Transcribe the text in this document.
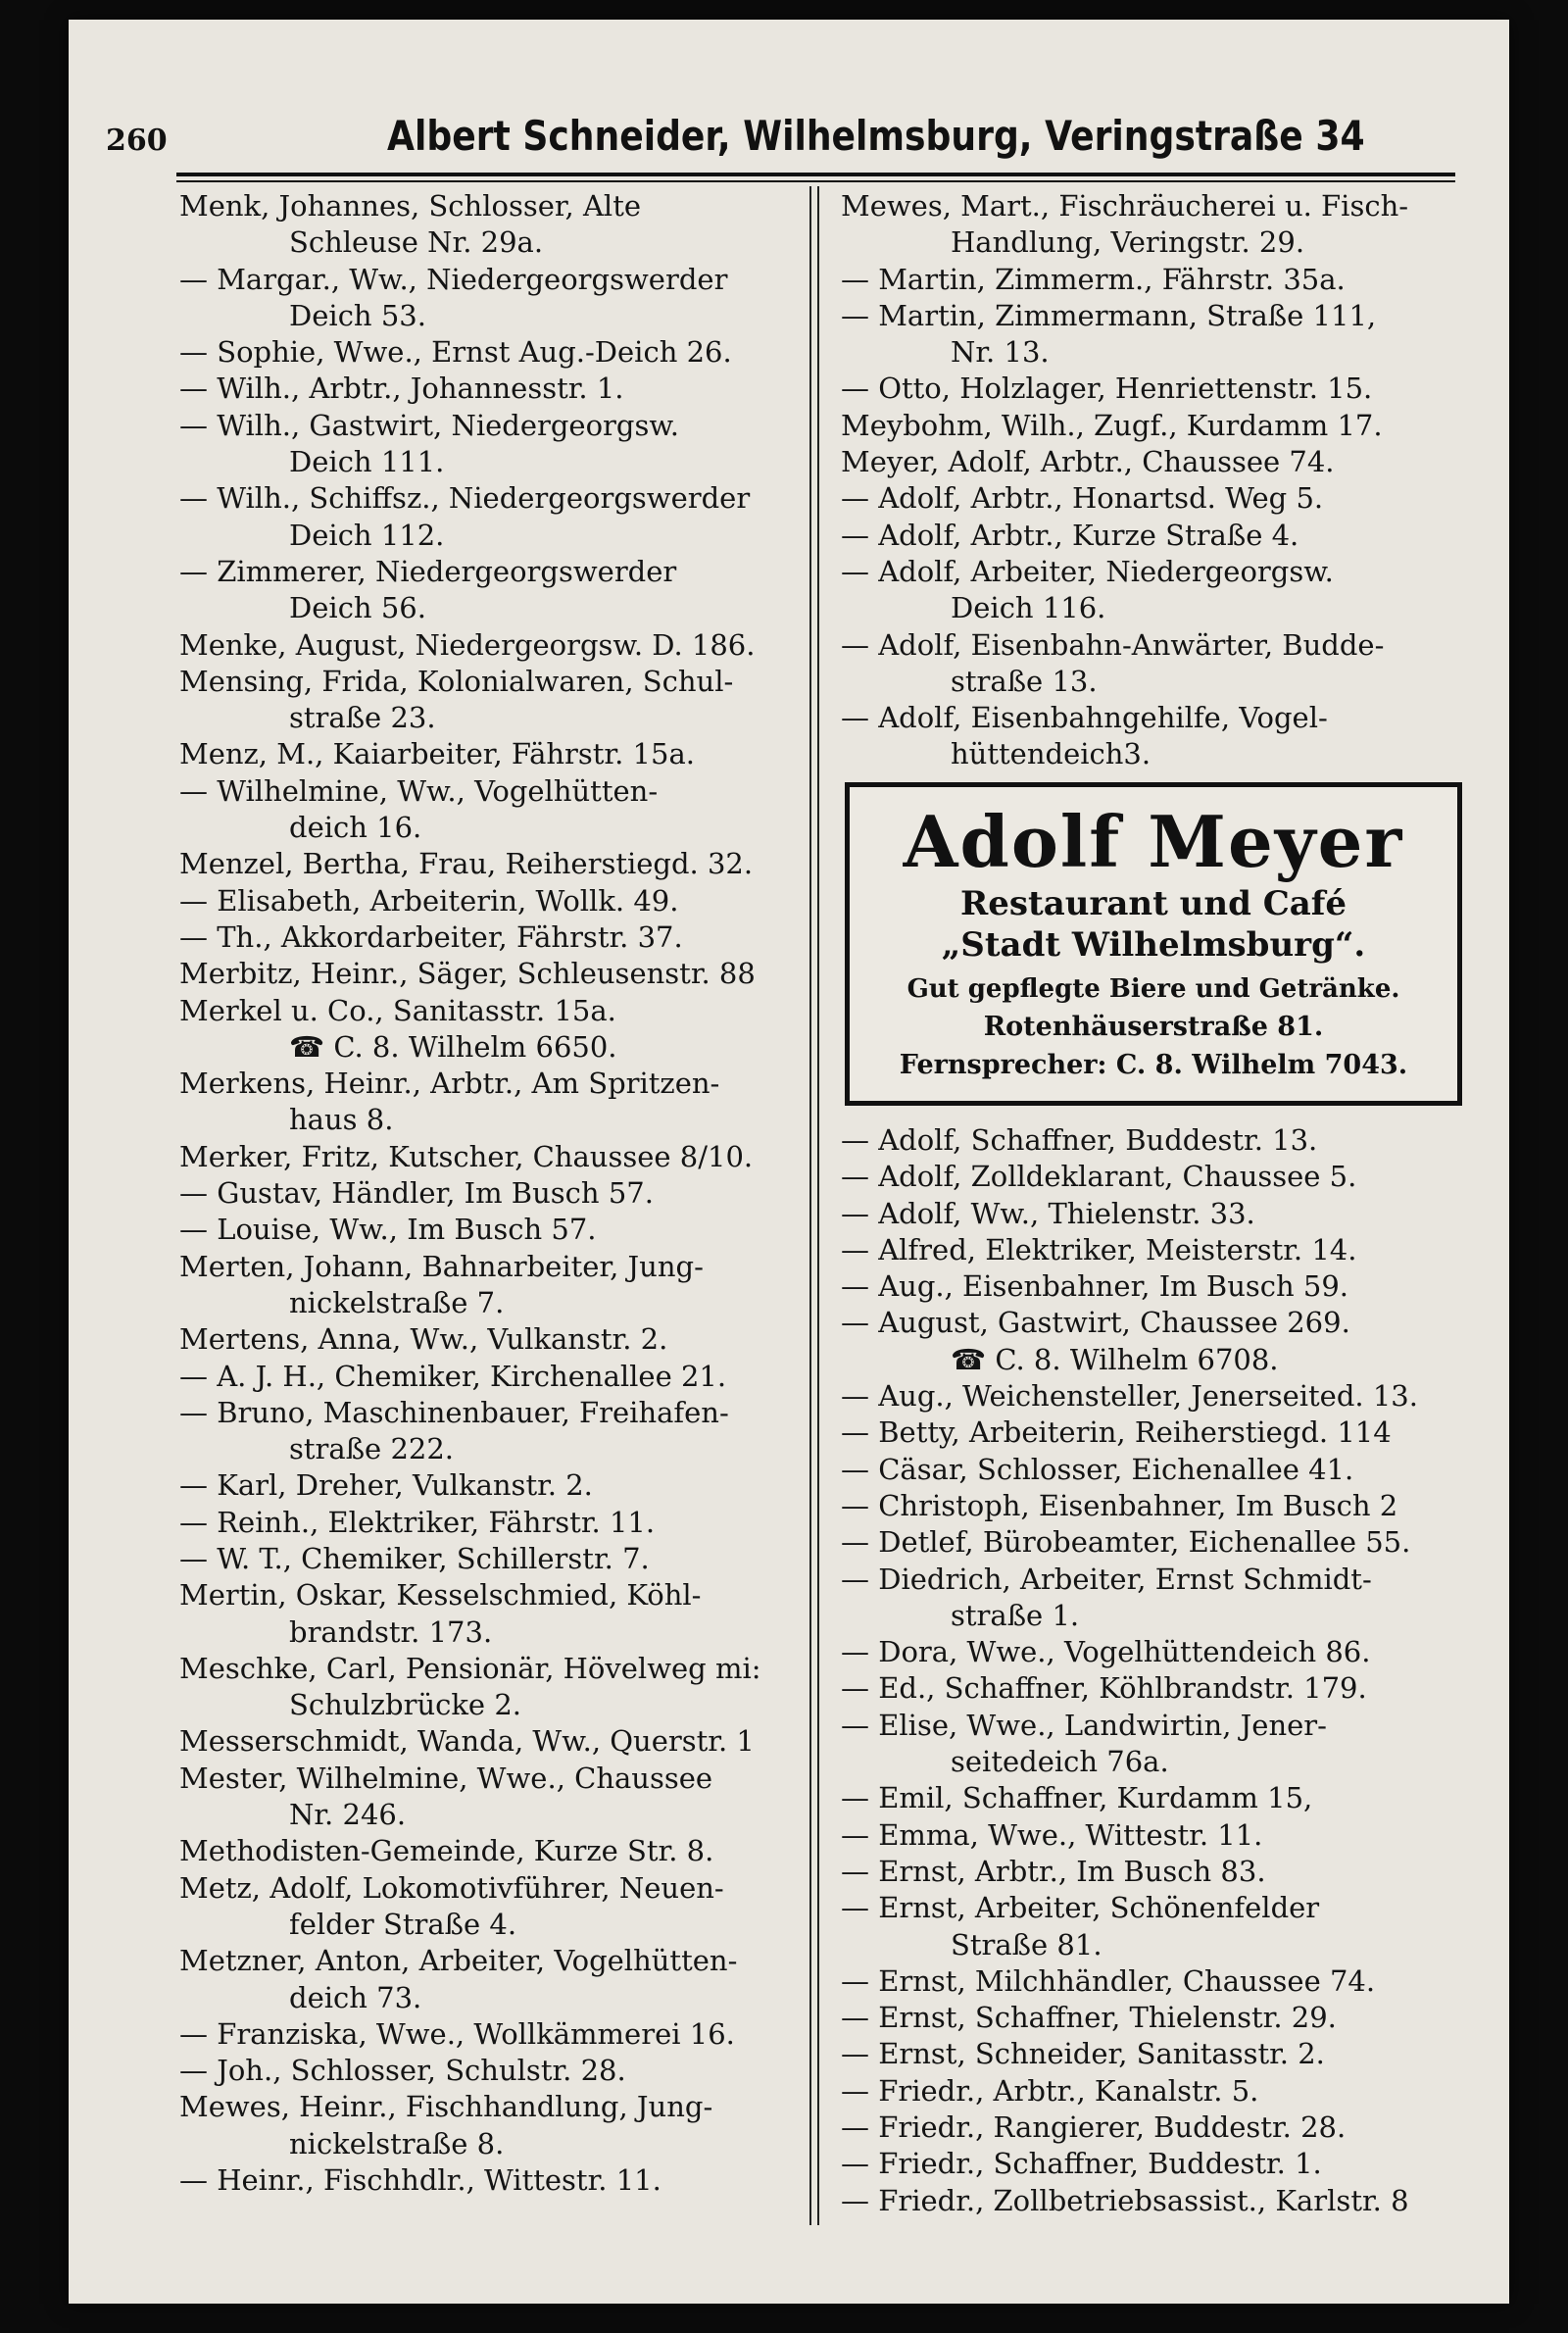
260	Albert Schneider, Wilhelmsburg, Veringstraße 34
Menk, Johannes, Schlosser, Alte
Schleuse Nr. 29a.
— Margar., Ww., Niedergeorgswerder
Deich 53.
— Sophie, Wwe., Ernst Aug.-Deich 26.
— Wilh., Arbtr., Johannesstr. 1.
— Wilh., Gastwirt, Niedergeorgsw.
Deich 111.
— Wilh., Schiffsz., Niedergeorgswerder
Deich 112.
— Zimmerer, Niedergeorgswerder
Deich 56.
Menke, August, Niedergeorgsw. D. 186.
Mensing, Frida, Kolonialwaren, Schul-
straße 23.
Menz, M., Kaiarbeiter, Fährstr. 15a.
— Wilhelmine, Ww., Vogelhütten-
deich 16.
Menzel, Bertha, Frau, Reiherstiegd. 32.
— Elisabeth, Arbeiterin, Wollk. 49.
— Th., Akkordarbeiter, Fährstr. 37.
Merbitz, Heinr., Säger, Schleusenstr. 88
Merkel u. Co., Sanitasstr. 15a.
☎ C. 8. Wilhelm 6650.
Merkens, Heinr., Arbtr., Am Spritzen-
haus 8.
Merker, Fritz, Kutscher, Chaussee 8/10.
— Gustav, Händler, Im Busch 57.
— Louise, Ww., Im Busch 57.
Merten, Johann, Bahnarbeiter, Jung-
nickelstraße 7.
Mertens, Anna, Ww., Vulkanstr. 2.
— A. J. H., Chemiker, Kirchenallee 21.
— Bruno, Maschinenbauer, Freihafen-
straße 222.
— Karl, Dreher, Vulkanstr. 2.
— Reinh., Elektriker, Fährstr. 11.
— W. T., Chemiker, Schillerstr. 7.
Mertin, Oskar, Kesselschmied, Köhl-
brandstr. 173.
Meschke, Carl, Pensionär, Hövelweg mi:
Schulzbrücke 2.
Messerschmidt, Wanda, Ww., Querstr. 1
Mester, Wilhelmine, Wwe., Chaussee
Nr. 246.
Methodisten-Gemeinde, Kurze Str. 8.
Metz, Adolf, Lokomotivführer, Neuen-
felder Straße 4.
Metzner, Anton, Arbeiter, Vogelhütten-
deich 73.
— Franziska, Wwe., Wollkämmerei 16.
— Joh., Schlosser, Schulstr. 28.
Mewes, Heinr., Fischhandlung, Jung-
nickelstraße 8.
— Heinr., Fischhdlr., Wittestr. 11.
Mewes, Mart., Fischräucherei u. Fisch-
Handlung, Veringstr. 29.
— Martin, Zimmerm., Fährstr. 35a.
— Martin, Zimmermann, Straße 111,
Nr. 13.
— Otto, Holzlager, Henriettenstr. 15.
Meybohm, Wilh., Zugf., Kurdamm 17.
Meyer, Adolf, Arbtr., Chaussee 74.
— Adolf, Arbtr., Honartsd. Weg 5.
— Adolf, Arbtr., Kurze Straße 4.
— Adolf, Arbeiter, Niedergeorgsw.
Deich 116.
— Adolf, Eisenbahn-Anwärter, Budde-
straße 13.
— Adolf, Eisenbahngehilfe, Vogel-
hüttendeich3.
Adolf Meyer
Restaurant und Café
„Stadt Wilhelmsburg“.
Gut gepflegte Biere und Getränke.
Rotenhäuserstraße 81.
Fernsprecher: C. 8. Wilhelm 7043.
— Adolf, Schaffner, Buddestr. 13.
— Adolf, Zolldeklarant, Chaussee 5.
— Adolf, Ww., Thielenstr. 33.
— Alfred, Elektriker, Meisterstr. 14.
— Aug., Eisenbahner, Im Busch 59.
— August, Gastwirt, Chaussee 269.
☎ C. 8. Wilhelm 6708.
— Aug., Weichensteller, Jenerseited. 13.
— Betty, Arbeiterin, Reiherstiegd. 114
— Cäsar, Schlosser, Eichenallee 41.
— Christoph, Eisenbahner, Im Busch 2
— Detlef, Bürobeamter, Eichenallee 55.
— Diedrich, Arbeiter, Ernst Schmidt-
straße 1.
— Dora, Wwe., Vogelhüttendeich 86.
— Ed., Schaffner, Köhlbrandstr. 179.
— Elise, Wwe., Landwirtin, Jener-
seitedeich 76a.
— Emil, Schaffner, Kurdamm 15,
— Emma, Wwe., Wittestr. 11.
— Ernst, Arbtr., Im Busch 83.
— Ernst, Arbeiter, Schönenfelder
Straße 81.
— Ernst, Milchhändler, Chaussee 74.
— Ernst, Schaffner, Thielenstr. 29.
— Ernst, Schneider, Sanitasstr. 2.
— Friedr., Arbtr., Kanalstr. 5.
— Friedr., Rangierer, Buddestr. 28.
— Friedr., Schaffner, Buddestr. 1.
— Friedr., Zollbetriebsassist., Karlstr. 8
